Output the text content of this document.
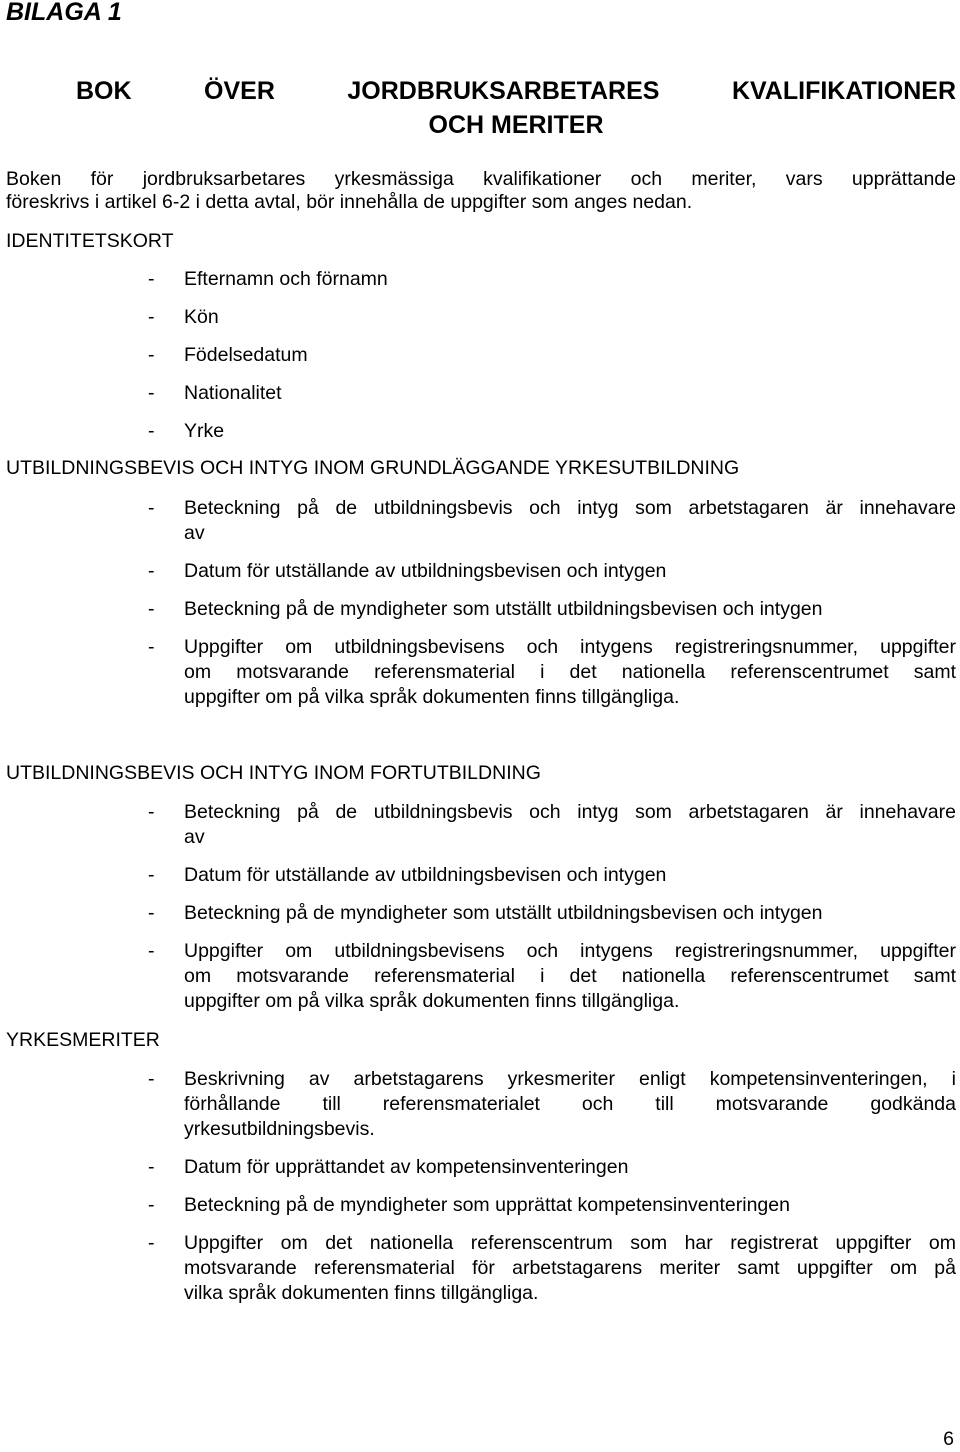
BILAGA 1

BOK	ÖVER	JORDBRUKSARBETARES	KVALIFIKATIONER
OCH MERITER

Boken för jordbruksarbetares yrkesmässiga kvalifikationer och meriter, vars upprättande
föreskrivs i artikel 6-2 i detta avtal, bör innehålla de uppgifter som anges nedan.

IDENTITETSKORT
- Efternamn och förnamn
- Kön
- Födelsedatum
- Nationalitet
- Yrke
UTBILDNINGSBEVIS OCH INTYG INOM GRUNDLÄGGANDE YRKESUTBILDNING
- Beteckning på de utbildningsbevis och intyg som arbetstagaren är innehavare
av
- Datum för utställande av utbildningsbevisen och intygen
- Beteckning på de myndigheter som utställt utbildningsbevisen och intygen
- Uppgifter om utbildningsbevisens och intygens registreringsnummer, uppgifter
om motsvarande referensmaterial i det nationella referenscentrumet samt
uppgifter om på vilka språk dokumenten finns tillgängliga.
UTBILDNINGSBEVIS OCH INTYG INOM FORTUTBILDNING
- Beteckning på de utbildningsbevis och intyg som arbetstagaren är innehavare
av
- Datum för utställande av utbildningsbevisen och intygen
- Beteckning på de myndigheter som utställt utbildningsbevisen och intygen
- Uppgifter om utbildningsbevisens och intygens registreringsnummer, uppgifter
om motsvarande referensmaterial i det nationella referenscentrumet samt
uppgifter om på vilka språk dokumenten finns tillgängliga.
YRKESMERITER
- Beskrivning av arbetstagarens yrkesmeriter enligt kompetensinventeringen, i
förhållande till referensmaterialet och till motsvarande godkända
yrkesutbildningsbevis.
- Datum för upprättandet av kompetensinventeringen
- Beteckning på de myndigheter som upprättat kompetensinventeringen
- Uppgifter om det nationella referenscentrum som har registrerat uppgifter om
motsvarande referensmaterial för arbetstagarens meriter samt uppgifter om på
vilka språk dokumenten finns tillgängliga.

6
